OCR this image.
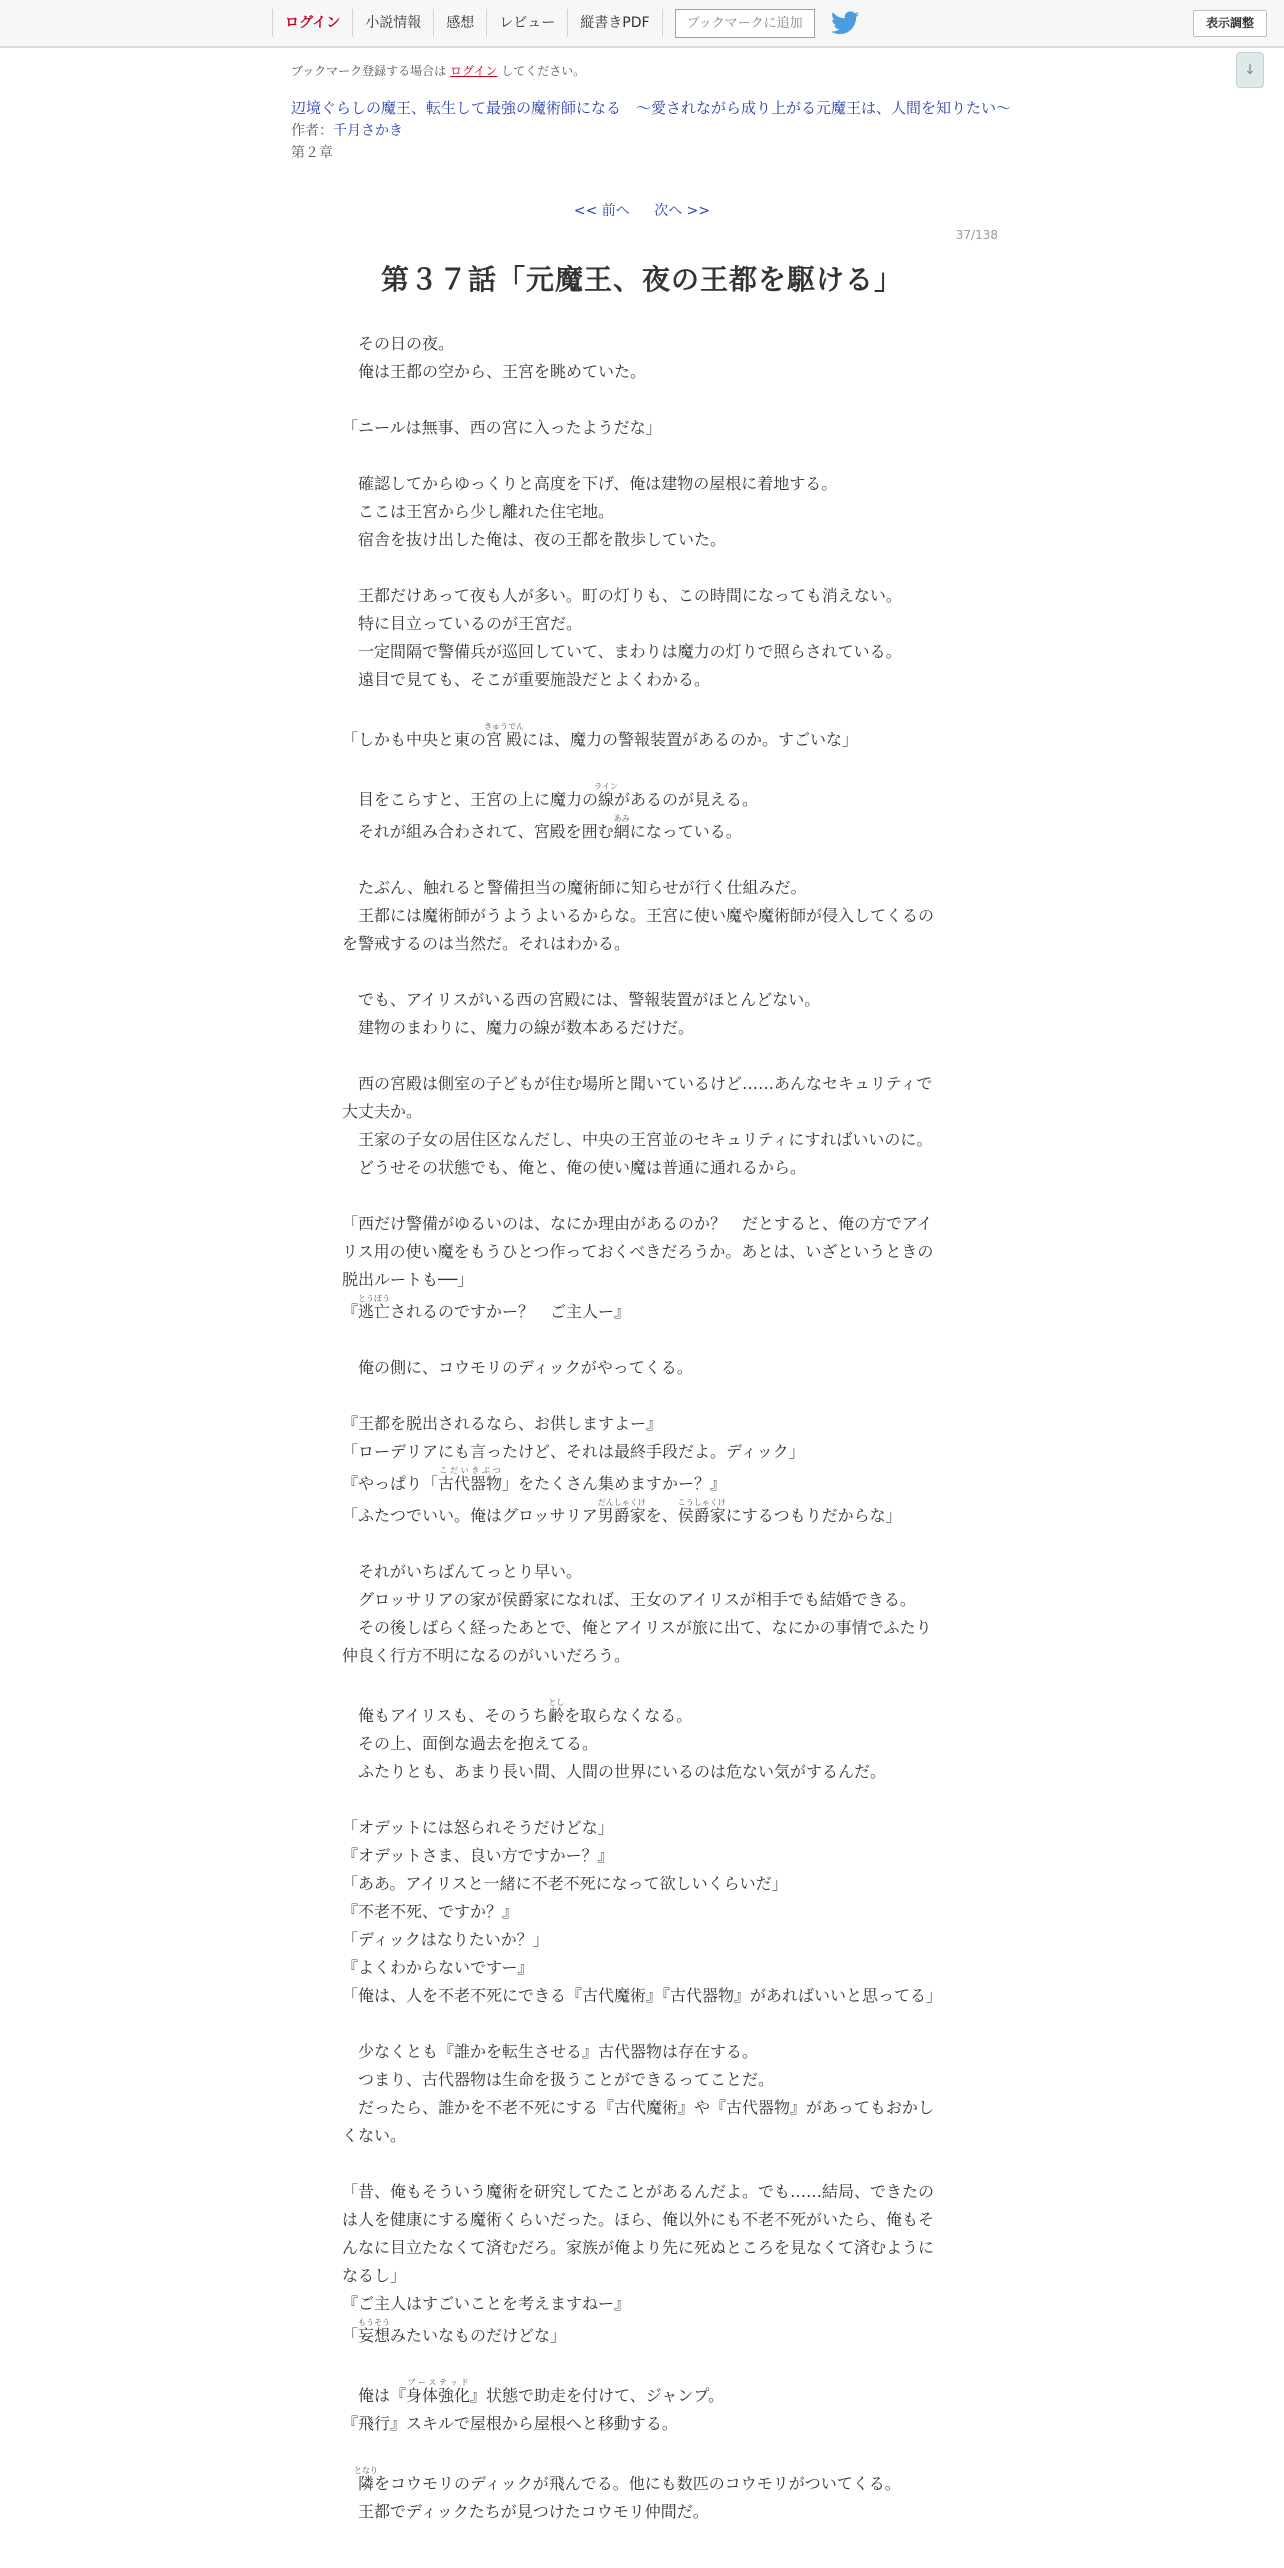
ログイン	小説情報	感想	レビュー	縦書きPDF	ブックマークに追加	表示調整
↓
ブックマーク登録する場合は ログイン してください。
辺境ぐらしの魔王、転生して最強の魔術師になる　〜愛されながら成り上がる元魔王は、人間を知りたい〜
作者：千月さかき
第２章
<< 前へ 次へ >>
37/138
第３７話「元魔王、夜の王都を駆ける」

　その日の夜。

　俺は王都の空から、王宮を眺めていた。

「ニールは無事、西の宮に入ったようだな」

　確認してからゆっくりと高度を下げ、俺は建物の屋根に着地する。

　ここは王宮から少し離れた住宅地。

　宿舎を抜け出した俺は、夜の王都を散歩していた。

　王都だけあって夜も人が多い。町の灯りも、この時間になっても消えない。

　特に目立っているのが王宮だ。

　一定間隔で警備兵が巡回していて、まわりは魔力の灯りで照らされている。

　遠目で見ても、そこが重要施設だとよくわかる。

「しかも中央と東の宮殿きゅうでんには、魔力の警報装置があるのか。すごいな」

　目をこらすと、王宮の上に魔力の線ラインがあるのが見える。

　それが組み合わされて、宮殿を囲む網あみになっている。

　たぶん、触れると警備担当の魔術師に知らせが行く仕組みだ。

　王都には魔術師がうようよいるからな。王宮に使い魔や魔術師が侵入してくるのを警戒するのは当然だ。それはわかる。

　でも、アイリスがいる西の宮殿には、警報装置がほとんどない。

　建物のまわりに、魔力の線が数本あるだけだ。

　西の宮殿は側室の子どもが住む場所と聞いているけど……あんなセキュリティで大丈夫か。

　王家の子女の居住区なんだし、中央の王宮並のセキュリティにすればいいのに。

　どうせその状態でも、俺と、俺の使い魔は普通に通れるから。

「西だけ警備がゆるいのは、なにか理由があるのか？　だとすると、俺の方でアイリス用の使い魔をもうひとつ作っておくべきだろうか。あとは、いざというときの脱出ルートも──」

『逃亡とうぼうされるのですかー？　ご主人ー』

　俺の側に、コウモリのディックがやってくる。

『王都を脱出されるなら、お供しますよー』

「ローデリアにも言ったけど、それは最終手段だよ。ディック」

『やっぱり「古代器物こだいきぶつ」をたくさん集めますかー？』

「ふたつでいい。俺はグロッサリア男爵家だんしゃくけを、侯爵家こうしゃくけにするつもりだからな」

　それがいちばんてっとり早い。

　グロッサリアの家が侯爵家になれば、王女のアイリスが相手でも結婚できる。

　その後しばらく経ったあとで、俺とアイリスが旅に出て、なにかの事情でふたり仲良く行方不明になるのがいいだろう。

　俺もアイリスも、そのうち齢としを取らなくなる。

　その上、面倒な過去を抱えてる。

　ふたりとも、あまり長い間、人間の世界にいるのは危ない気がするんだ。

「オデットには怒られそうだけどな」

『オデットさま、良い方ですかー？』

「ああ。アイリスと一緒に不老不死になって欲しいくらいだ」

『不老不死、ですか？』

「ディックはなりたいか？」

『よくわからないですー』

「俺は、人を不老不死にできる『古代魔術』『古代器物』があればいいと思ってる」

　少なくとも『誰かを転生させる』古代器物は存在する。

　つまり、古代器物は生命を扱うことができるってことだ。

　だったら、誰かを不老不死にする『古代魔術』や『古代器物』があってもおかしくない。

「昔、俺もそういう魔術を研究してたことがあるんだよ。でも……結局、できたのは人を健康にする魔術くらいだった。ほら、俺以外にも不老不死がいたら、俺もそんなに目立たなくて済むだろ。家族が俺より先に死ぬところを見なくて済むようになるし」

『ご主人はすごいことを考えますねー』

「妄想もうそうみたいなものだけどな」

　俺は『身体強化ブーステッド』状態で助走を付けて、ジャンプ。

『飛行』スキルで屋根から屋根へと移動する。

　隣となりをコウモリのディックが飛んでる。他にも数匹のコウモリがついてくる。

　王都でディックたちが見つけたコウモリ仲間だ。
